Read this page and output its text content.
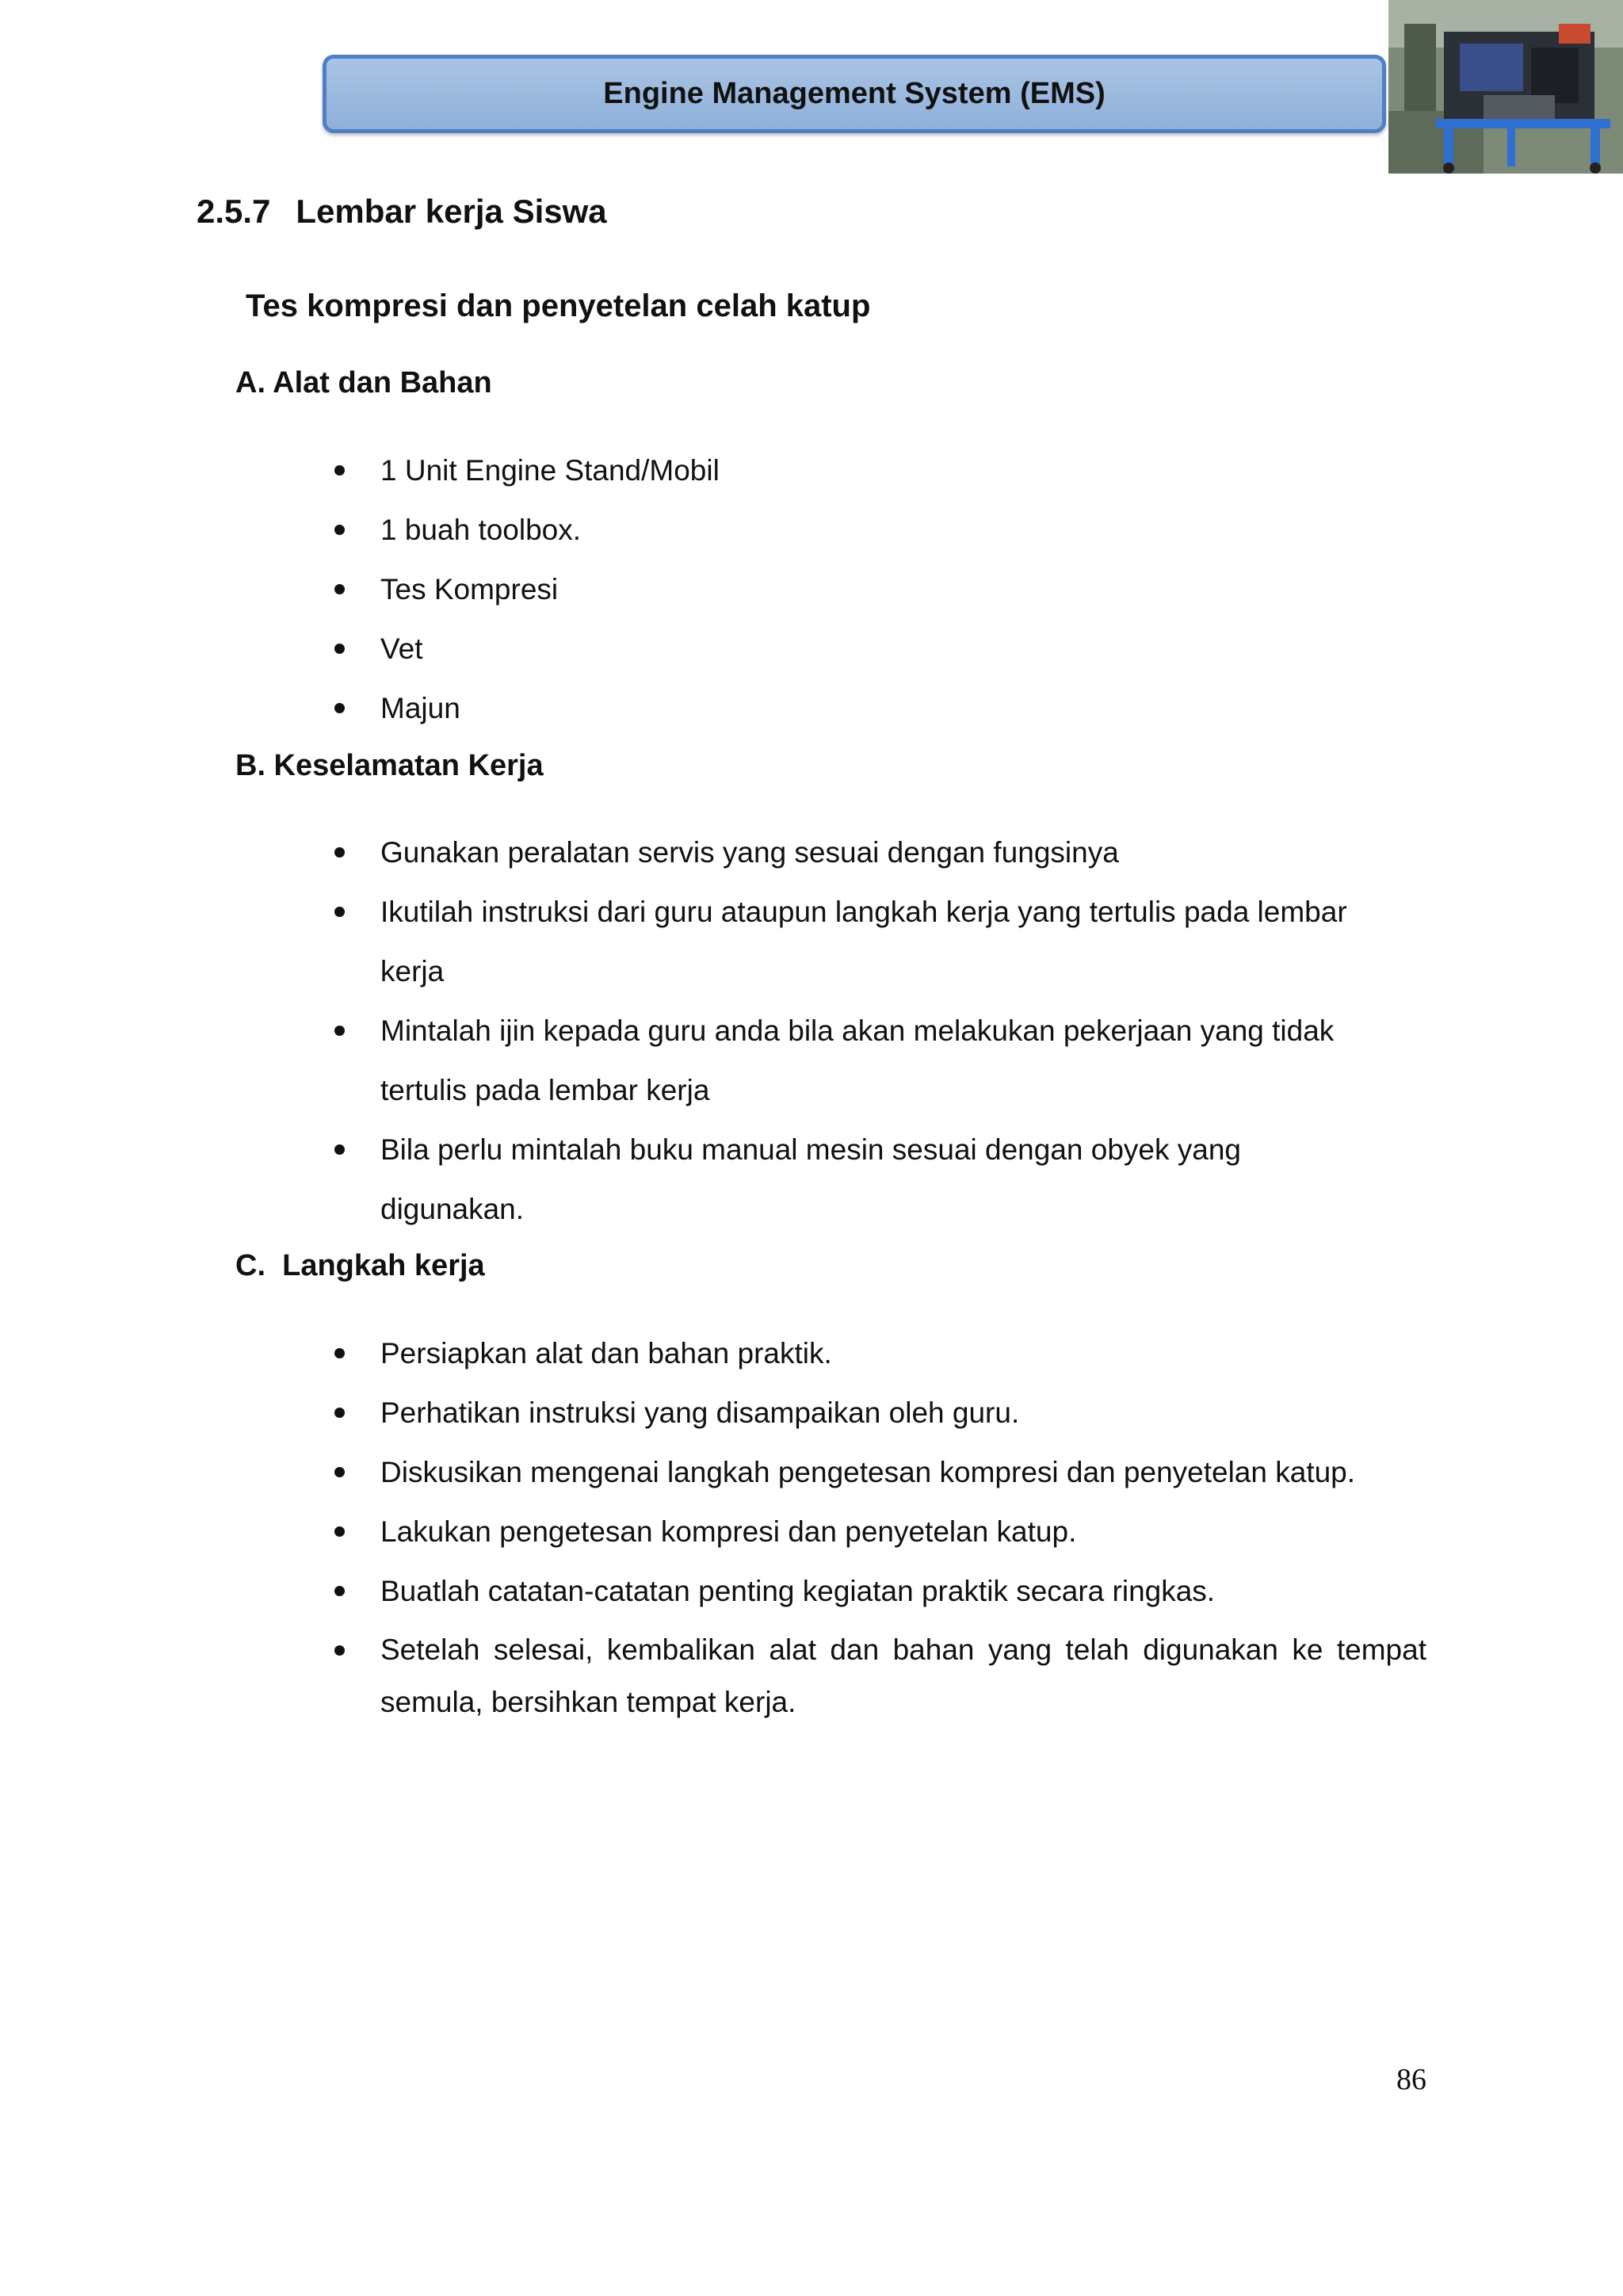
Engine Management System (EMS)
2.5.7 Lembar kerja Siswa
Tes kompresi dan penyetelan celah katup
A. Alat dan Bahan
1 Unit Engine Stand/Mobil
1 buah toolbox.
Tes Kompresi
Vet
Majun
B. Keselamatan Kerja
Gunakan peralatan servis yang sesuai dengan fungsinya
Ikutilah instruksi dari guru ataupun langkah kerja yang tertulis pada lembar kerja
Mintalah ijin kepada guru anda bila akan melakukan pekerjaan yang tidak tertulis pada lembar kerja
Bila perlu mintalah buku manual mesin sesuai dengan obyek yang digunakan.
C.  Langkah kerja
Persiapkan alat dan bahan praktik.
Perhatikan instruksi yang disampaikan oleh guru.
Diskusikan mengenai langkah pengetesan kompresi dan penyetelan katup.
Lakukan pengetesan kompresi dan penyetelan katup.
Buatlah catatan-catatan penting kegiatan praktik secara ringkas.
Setelah selesai, kembalikan alat dan bahan yang telah digunakan ke tempat semula, bersihkan tempat kerja.
86
